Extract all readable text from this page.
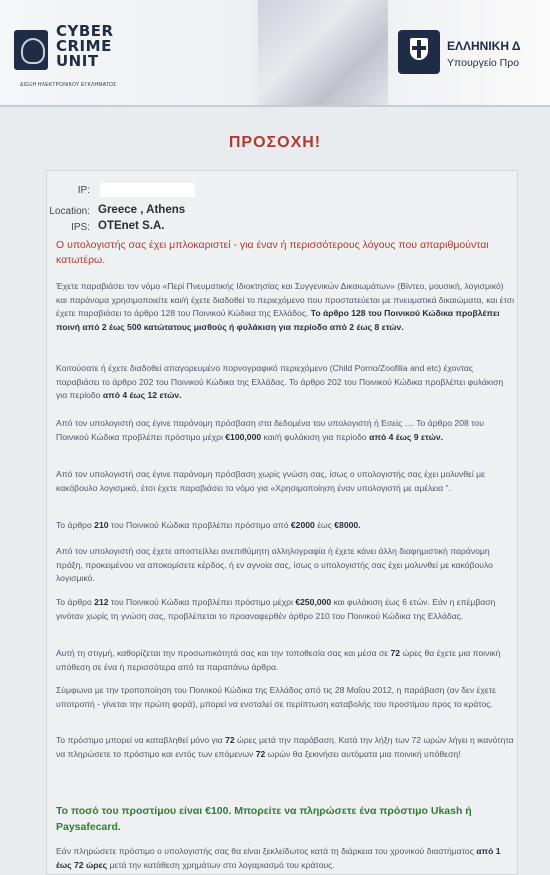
CYBER
CRIME
UNIT
ΔΙΩΞΗ ΗΛΕΚΤΡΟΝΙΚΟΥ ΕΓΚΛΗΜΑΤΟΣ
ΕΛΛΗΝΙΚΗ Δ
Υπουργείο Προ
ΠΡΟΣΟΧΗ!
IP:
Location: Greece , Athens
IPS: OTEnet S.A.
Ο υπολογιστής σας έχει μπλοκαριστεί - για έναν ή περισσότερους λόγους που απαριθμούνται κατωτέρω.
Έχετε παραβιάσει τον νόμο «Περί Πνευματικής Ιδιοκτησίας και Συγγενικών Δικαιωμάτων» (Βίντεο, μουσική, λογισμικό) και παράνομα χρησιμοποιείτε και/ή έχετε διαδοθεί το περιεχόμενο που προστατεύεται με πνευματικά δικαιώματα, και έτσι έχετε παραβιάσει το άρθρο 128 του Ποινικού Κώδικα της Ελλάδος. Το άρθρο 128 του Ποινικού Κώδικα προβλέπει ποινή από 2 έως 500 κατώτατους μισθούς ή φυλάκιση για περίοδο από 2 έως 8 ετών.
Κοιτούσατε ή έχετε διαδοθεί απαγορευμένο πορνογραφικό περιεχόμενο (Child Porno/Zoofilia and etc) έχοντας παραβιάσει το άρθρο 202 του Ποινικού Κώδικα της Ελλάδας. Το άρθρο 202 του Ποινικού Κώδικα προβλέπει φυλάκιση για περίοδο από 4 έως 12 ετών.
Από τον υπολογιστή σας έγινε παράνομη πρόσβαση στα δεδομένα του υπολογιστή ή Εσείς .... Το άρθρο 208 του Ποινικού Κώδικα προβλέπει πρόστιμο μέχρι €100,000 και/ή φυλάκιση για περίοδο από 4 έως 9 ετών.
Από τον υπολογιστή σας έγινε παράνομη πρόσβαση χωρίς γνώση σας, ίσως ο υπολογιστής σας έχει μολυνθεί με κακόβουλο λογισμικό, έτσι έχετε παραβιάσει το νόμο για «Χρησιμοποίηση έναν υπολογιστή με αμέλεια ".
Το άρθρο 210 του Ποινικού Κώδικα προβλέπει πρόστιμο από €2000 έως €8000.
Από τον υπολογιστή σας έχετε αποστείλλει ανεπιθύμητη αλληλογραφία ή έχετε κάνει άλλη διαφημιστική παράνομη πράξη, προκειμένου να αποκομίσετε κέρδος, ή εν αγνοία σας, ίσως ο υπολογιστής σας έχει μολυνθεί με κακόβουλο λογισμικό.
Το άρθρο 212 του Ποινικού Κώδικα προβλέπει πρόστιμο μέχρι €250,000 και φυλάκιση έως 6 ετών. Εάν η επέμβαση γινόταν χωρίς τη γνώση σας, προβλέπεται το προαναφερθέν άρθρο 210 του Ποινικού Κώδικα της Ελλάδας.
Αυτή τη στιγμή, καθορίζεται την προσωπικότητά σας και την τοποθεσία σας και μέσα σε 72 ώρες θα έχετε μια ποινική υπόθεση σε ένα ή περισσότερα από τα παραπάνω άρθρα.
Σύμφωνα με την τροποποίηση του Ποινικού Κώδικα της Ελλάδος από τις 28 Μαΐου 2012, η παράβαση (αν δεν έχετε υποτροπή - γίνεται την πρώτη φορά), μπορεί να ενσταλεί σε περίπτωση καταβολής του προστίμου προς το κράτος.
Το πρόστιμο μπορεί να καταβληθεί μόνο για 72 ώρες μετά την παράβαση. Κατά την λήξη των 72 ωρών λήγει η ικανότητα να πληρώσετε το πρόστιμο και εντός των επόμενων 72 ωρών θα ξεκινήσει αυτόματα μια ποινική υπόθεση!
Το ποσό του προστίμου είναι €100. Μπορείτε να πληρώσετε ένα πρόστιμο Ukash ή Paysafecard.
Εάν πληρώσετε πρόστιμο ο υπολογιστής σας θα είναι ξεκλείδωτος κατά τη διάρκεια του χρονικού διαστήματος από 1 έως 72 ώρες μετά την κατάθεση χρημάτων στο λογαριασμό του κράτους.
